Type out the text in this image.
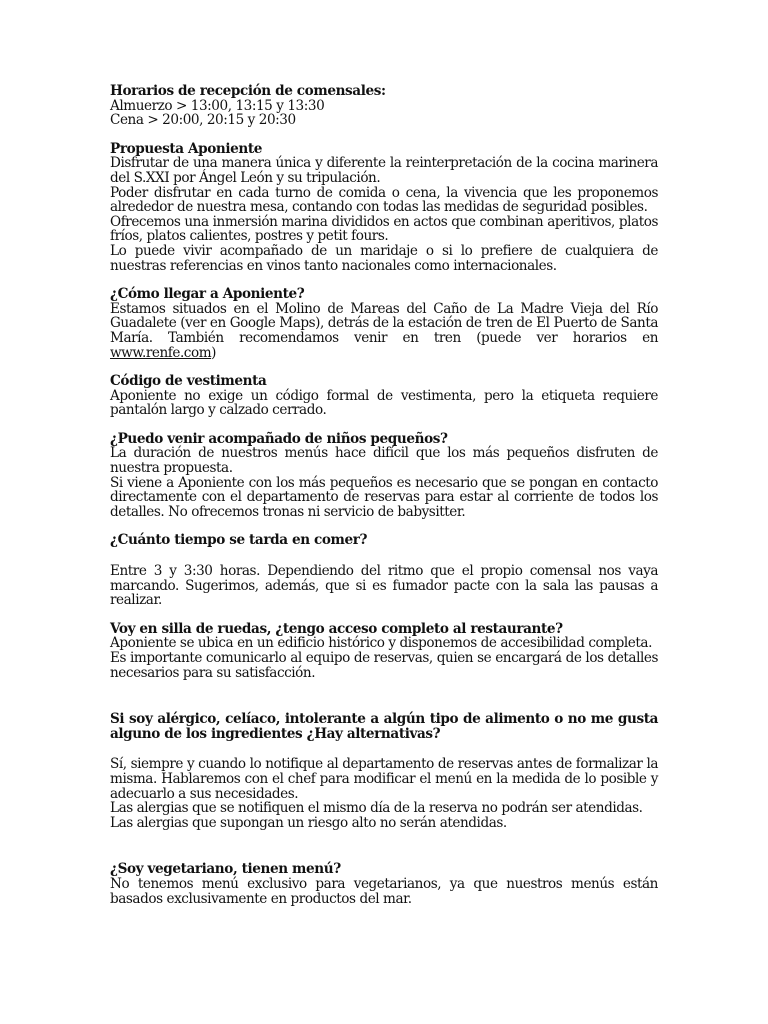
Horarios de recepción de comensales:

Almuerzo > 13:00, 13:15 y 13:30

Cena > 20:00, 20:15 y 20:30

Propuesta Aponiente

Disfrutar de una manera única y diferente la reinterpretación de la cocina marinera del S.XXI por Ángel León y su tripulación.

Poder disfrutar en cada turno de comida o cena, la vivencia que les proponemos alrededor de nuestra mesa, contando con todas las medidas de seguridad posibles.

Ofrecemos una inmersión marina divididos en actos que combinan aperitivos, platos fríos, platos calientes, postres y petit fours.

Lo puede vivir acompañado de un maridaje o si lo prefiere de cualquiera de nuestras referencias en vinos tanto nacionales como internacionales.

¿Cómo llegar a Aponiente?

Estamos situados en el Molino de Mareas del Caño de La Madre Vieja del Río Guadalete (ver en Google Maps), detrás de la estación de tren de El Puerto de Santa María. También recomendamos venir en tren (puede ver horarios en www.renfe.com)

Código de vestimenta

Aponiente no exige un código formal de vestimenta, pero la etiqueta requiere pantalón largo y calzado cerrado.

¿Puedo venir acompañado de niños pequeños?

La duración de nuestros menús hace difícil que los más pequeños disfruten de nuestra propuesta.

Si viene a Aponiente con los más pequeños es necesario que se pongan en contacto directamente con el departamento de reservas para estar al corriente de todos los detalles. No ofrecemos tronas ni servicio de babysitter.

¿Cuánto tiempo se tarda en comer?

Entre 3 y 3:30 horas. Dependiendo del ritmo que el propio comensal nos vaya marcando. Sugerimos, además, que si es fumador pacte con la sala las pausas a realizar.

Voy en silla de ruedas, ¿tengo acceso completo al restaurante?

Aponiente se ubica en un edificio histórico y disponemos de accesibilidad completa.

Es importante comunicarlo al equipo de reservas, quien se encargará de los detalles necesarios para su satisfacción.

Si soy alérgico, celíaco, intolerante a algún tipo de alimento o no me gusta alguno de los ingredientes ¿Hay alternativas?

Sí, siempre y cuando lo notifique al departamento de reservas antes de formalizar la misma. Hablaremos con el chef para modificar el menú en la medida de lo posible y adecuarlo a sus necesidades.

Las alergias que se notifiquen el mismo día de la reserva no podrán ser atendidas.

Las alergias que supongan un riesgo alto no serán atendidas.

¿Soy vegetariano, tienen menú?

No tenemos menú exclusivo para vegetarianos, ya que nuestros menús están basados exclusivamente en productos del mar.
